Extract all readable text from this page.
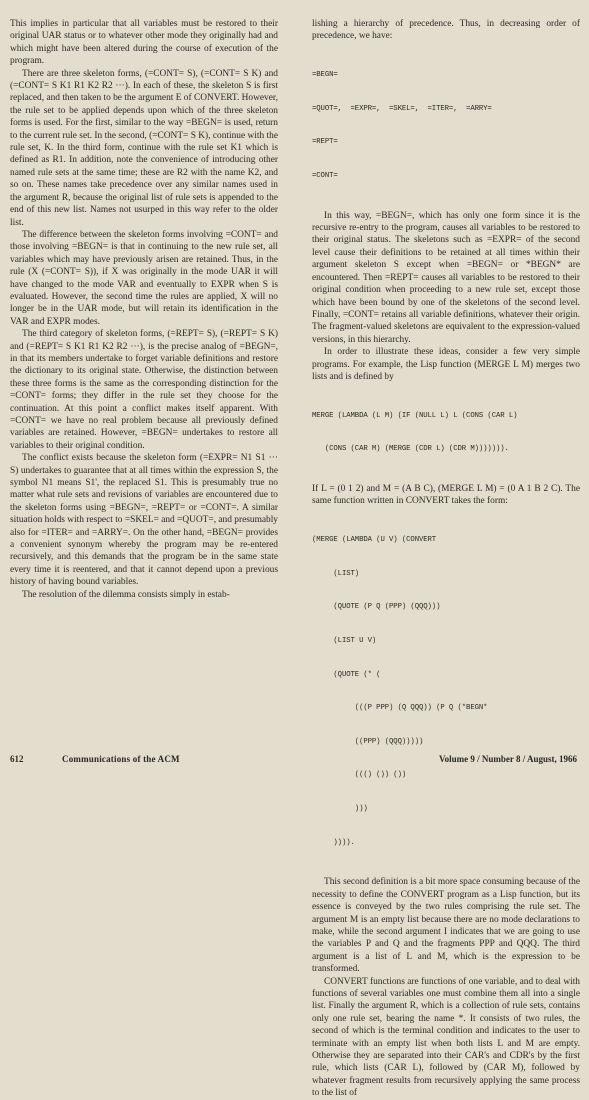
This implies in particular that all variables must be restored to their original UAR status or to whatever other mode they originally had and which might have been altered during the course of execution of the program.

There are three skeleton forms, (=CONT= S), (=CONT= S K) and (=CONT= S K1 R1 K2 R2 ···). In each of these, the skeleton S is first replaced, and then taken to be the argument E of CONVERT. However, the rule set to be applied depends upon which of the three skeleton forms is used. For the first, similar to the way =BEGN= is used, return to the current rule set. In the second, (=CONT= S K), continue with the rule set, K. In the third form, continue with the rule set K1 which is defined as R1. In addition, note the convenience of introducing other named rule sets at the same time; these are R2 with the name K2, and so on. These names take precedence over any similar names used in the argument R, because the original list of rule sets is appended to the end of this new list. Names not usurped in this way refer to the older list.

The difference between the skeleton forms involving =CONT= and those involving =BEGN= is that in continuing to the new rule set, all variables which may have previously arisen are retained. Thus, in the rule (X (=CONT= S)), if X was originally in the mode UAR it will have changed to the mode VAR and eventually to EXPR when S is evaluated. However, the second time the rules are applied, X will no longer be in the UAR mode, but will retain its identification in the VAR and EXPR modes.

The third category of skeleton forms, (=REPT= S), (=REPT= S K) and (=REPT= S K1 R1 K2 R2 ···), is the precise analog of =BEGN=, in that its members undertake to forget variable definitions and restore the dictionary to its original state. Otherwise, the distinction between these three forms is the same as the corresponding distinction for the =CONT= forms; they differ in the rule set they choose for the continuation. At this point a conflict makes itself apparent. With =CONT= we have no real problem because all previously defined variables are retained. However, =BEGN= undertakes to restore all variables to their original condition.

The conflict exists because the skeleton form (=EXPR= N1 S1 ··· S) undertakes to guarantee that at all times within the expression S, the symbol N1 means S1', the replaced S1. This is presumably true no matter what rule sets and revisions of variables are encountered due to the skeleton forms using =BEGN=, =REPT= or =CONT=. A similar situation holds with respect to =SKEL= and =QUOT=, and presumably also for =ITER= and =ARRY=. On the other hand, =BEGN= provides a convenient synonym whereby the program may be re-entered recursively, and this demands that the program be in the same state every time it is reentered, and that it cannot depend upon a previous history of having bound variables.

The resolution of the dilemma consists simply in estab-

lishing a hierarchy of precedence. Thus, in decreasing order of precedence, we have:

=BEGN=

=QUOT=,  =EXPR=,  =SKEL=,  =ITER=,  =ARRY=

=REPT=

=CONT=

In this way, =BEGN=, which has only one form since it is the recursive re-entry to the program, causes all variables to be restored to their original status. The skeletons such as =EXPR= of the second level cause their definitions to be retained at all times within their argument skeleton S except when =BEGN= or *BEGN* are encountered. Then =REPT= causes all variables to be restored to their original condition when proceeding to a new rule set, except those which have been bound by one of the skeletons of the second level. Finally, =CONT= retains all variable definitions, whatever their origin. The fragment-valued skeletons are equivalent to the expression-valued versions, in this hierarchy.

In order to illustrate these ideas, consider a few very simple programs. For example, the Lisp function (MERGE L M) merges two lists and is defined by

MERGE (LAMBDA (L M) (IF (NULL L) L (CONS (CAR L)

(CONS (CAR M) (MERGE (CDR L) (CDR M))))))).

If L = (0 1 2) and M = (A B C), (MERGE L M) = (0 A 1 B 2 C). The same function written in CONVERT takes the form:

(MERGE (LAMBDA (U V) (CONVERT

(LIST)

(QUOTE (P Q (PPP) (QQQ)))

(LIST U V)

(QUOTE (* (

(((P PPP) (Q QQQ)) (P Q (*BEGN*

((PPP) (QQQ)))))

((() ()) ())

)))

)))).

This second definition is a bit more space consuming because of the necessity to define the CONVERT program as a Lisp function, but its essence is conveyed by the two rules comprising the rule set. The argument M is an empty list because there are no mode declarations to make, while the second argument I indicates that we are going to use the variables P and Q and the fragments PPP and QQQ. The third argument is a list of L and M, which is the expression to be transformed.

CONVERT functions are functions of one variable, and to deal with functions of several variables one must combine them all into a single list. Finally the argument R, which is a collection of rule sets, contains only one rule set, bearing the name *. It consists of two rules, the second of which is the terminal condition and indicates to the user to terminate with an empty list when both lists L and M are empty. Otherwise they are separated into their CAR's and CDR's by the first rule, which lists (CAR L), followed by (CAR M), followed by whatever fragment results from recursively applying the same process to the list of

612	Communications of the ACM	Volume 9 / Number 8 / August, 1966
